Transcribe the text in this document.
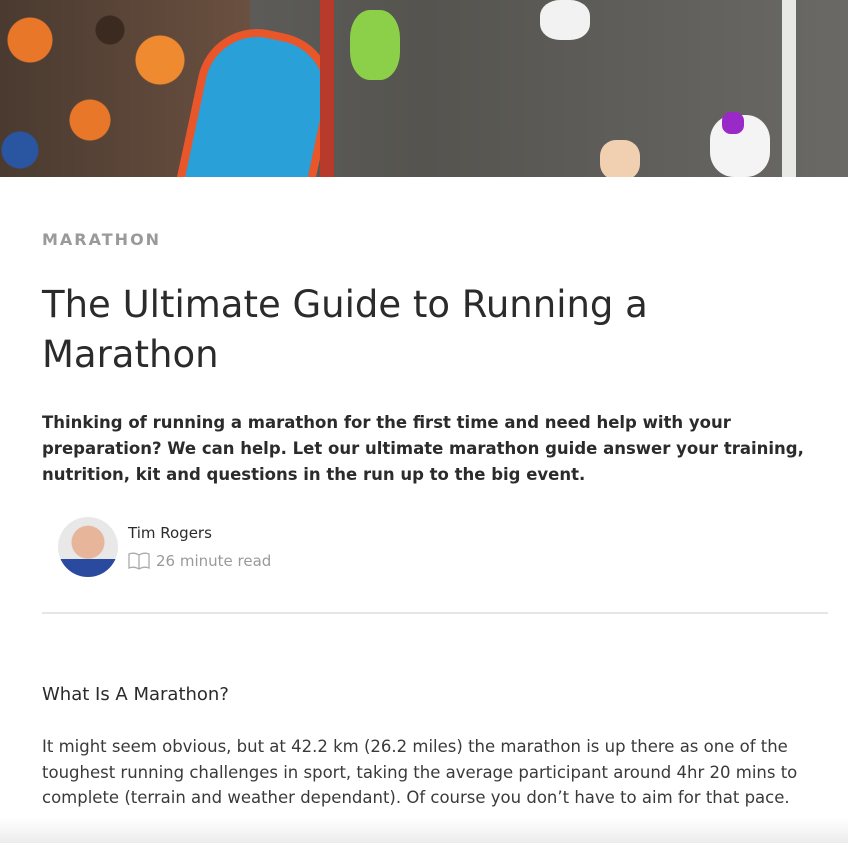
MARATHON
The Ultimate Guide to Running a Marathon
Thinking of running a marathon for the first time and need help with your preparation? We can help. Let our ultimate marathon guide answer your training, nutrition, kit and questions in the run up to the big event.
Tim Rogers
26 minute read
What Is A Marathon?
It might seem obvious, but at 42.2 km (26.2 miles) the marathon is up there as one of the toughest running challenges in sport, taking the average participant around 4hr 20 mins to complete (terrain and weather dependant). Of course you don’t have to aim for that pace.
